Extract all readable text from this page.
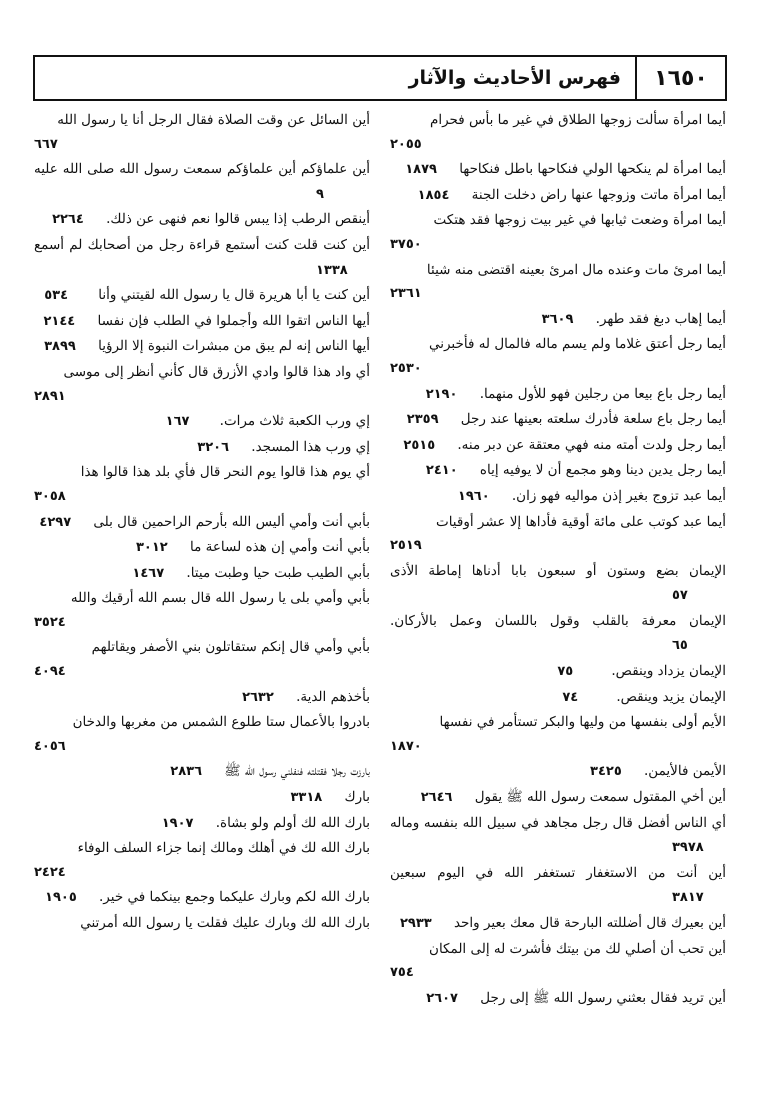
١٦٥٠
فهرس الأحاديث والآثار

أيما امرأة سألت زوجها الطلاق في غير ما بأس فحرام
٢٠٥٥

أيما امرأة لم ينكحها الولي فنكاحها باطل فنكاحها١٨٧٩

أيما امرأة ماتت وزوجها عنها راض دخلت الجنة١٨٥٤

أيما امرأة وضعت ثيابها في غير بيت زوجها فقد هتكت
٣٧٥٠

أيما امرئ مات وعنده مال امرئ بعينه اقتضى منه شيئا
٢٣٦١

أيما إهاب دبغ فقد طهر.٣٦٠٩

أيما رجل أعتق غلاما ولم يسم ماله فالمال له فأخبرني
٢٥٣٠

أيما رجل باع بيعا من رجلين فهو للأول منهما.٢١٩٠

أيما رجل باع سلعة فأدرك سلعته بعينها عند رجل٢٣٥٩

أيما رجل ولدت أمته منه فهي معتقة عن دبر منه.٢٥١٥

أيما رجل يدين دينا وهو مجمع أن لا يوفيه إياه٢٤١٠

أيما عبد تزوج بغير إذن مواليه فهو زان.١٩٦٠

أيما عبد كوتب على مائة أوقية فأداها إلا عشر أوقيات
٢٥١٩

الإيمان بضع وستون أو سبعون بابا أدناها إماطة الأذى٥٧

الإيمان معرفة بالقلب وقول باللسان وعمل بالأركان.٦٥

الإيمان يزداد وينقص.٧٥

الإيمان يزيد وينقص.٧٤

الأيم أولى بنفسها من وليها والبكر تستأمر في نفسها
١٨٧٠

الأيمن فالأيمن.٣٤٢٥

أين أخي المقتول سمعت رسول الله ﷺ يقول٢٦٤٦

أي الناس أفضل قال رجل مجاهد في سبيل الله بنفسه وماله٣٩٧٨

أين أنت من الاستغفار تستغفر الله في اليوم سبعين٣٨١٧

أين بعيرك قال أضللته البارحة قال معك بعير واحد٢٩٣٣

أين تحب أن أصلي لك من بيتك فأشرت له إلى المكان
٧٥٤

أين تريد فقال بعثني رسول الله ﷺ إلى رجل٢٦٠٧

أين السائل عن وقت الصلاة فقال الرجل أنا يا رسول الله
٦٦٧

أين علماؤكم أين علماؤكم سمعت رسول الله صلى الله عليه٩

أينقص الرطب إذا يبس قالوا نعم فنهى عن ذلك.٢٢٦٤

أين كنت قلت كنت أستمع قراءة رجل من أصحابك لم أسمع١٣٣٨

أين كنت يا أبا هريرة قال يا رسول الله لقيتني وأنا٥٣٤

أيها الناس اتقوا الله وأجملوا في الطلب فإن نفسا٢١٤٤

أيها الناس إنه لم يبق من مبشرات النبوة إلا الرؤيا٣٨٩٩

أي واد هذا قالوا وادي الأزرق قال كأني أنظر إلى موسى
٢٨٩١

إي ورب الكعبة ثلاث مرات.١٦٧

إي ورب هذا المسجد.٣٢٠٦

أي يوم هذا قالوا يوم النحر قال فأي بلد هذا قالوا هذا
٣٠٥٨

بأبي أنت وأمي أليس الله بأرحم الراحمين قال بلى٤٢٩٧

بأبي أنت وأمي إن هذه لساعة ما٣٠١٢

بأبي الطيب طبت حيا وطبت ميتا.١٤٦٧

بأبي وأمي بلى يا رسول الله قال بسم الله أرقيك والله
٣٥٢٤

بأبي وأمي قال إنكم ستقاتلون بني الأصفر ويقاتلهم
٤٠٩٤

بأخذهم الدية.٢٦٣٢

بادروا بالأعمال ستا طلوع الشمس من مغربها والدخان
٤٠٥٦

بارزت رجلا فقتلته فنفلني رسول الله ﷺ٢٨٣٦

بارك٣٣١٨

بارك الله لك أولم ولو بشاة.١٩٠٧

بارك الله لك في أهلك ومالك إنما جزاء السلف الوفاء
٢٤٢٤

بارك الله لكم وبارك عليكما وجمع بينكما في خير.١٩٠٥

بارك الله لك وبارك عليك فقلت يا رسول الله أمرتني
